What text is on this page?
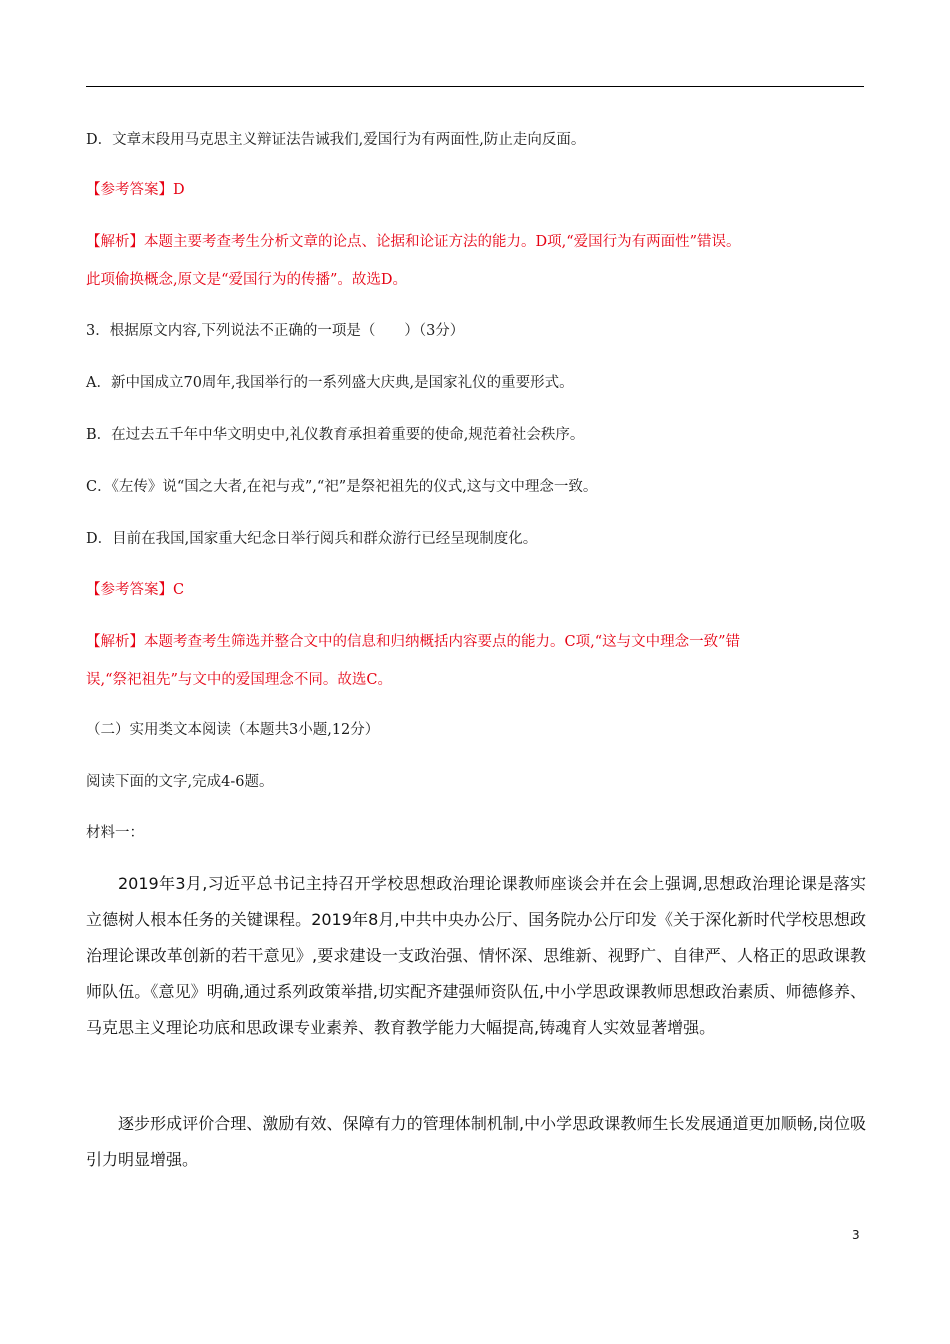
D．文章末段用马克思主义辩证法告诫我们,爱国行为有两面性,防止走向反面。
【参考答案】D
【解析】本题主要考查考生分析文章的论点、论据和论证方法的能力。D项,“爱国行为有两面性”错误。
此项偷换概念,原文是“爱国行为的传播”。故选D。
3．根据原文内容,下列说法不正确的一项是（　　）（3分）
A．新中国成立70周年,我国举行的一系列盛大庆典,是国家礼仪的重要形式。
B．在过去五千年中华文明史中,礼仪教育承担着重要的使命,规范着社会秩序。
C．《左传》说“国之大者,在祀与戎”,“祀”是祭祀祖先的仪式,这与文中理念一致。
D．目前在我国,国家重大纪念日举行阅兵和群众游行已经呈现制度化。
【参考答案】C
【解析】本题考查考生筛选并整合文中的信息和归纳概括内容要点的能力。C项,“这与文中理念一致”错
误,“祭祀祖先”与文中的爱国理念不同。故选C。
（二）实用类文本阅读（本题共3小题,12分）
阅读下面的文字,完成4-6题。
材料一：
2019年3月,习近平总书记主持召开学校思想政治理论课教师座谈会并在会上强调,思想政治理论课是落实立德树人根本任务的关键课程。2019年8月,中共中央办公厅、国务院办公厅印发《关于深化新时代学校思想政治理论课改革创新的若干意见》,要求建设一支政治强、情怀深、思维新、视野广、自律严、人格正的思政课教师队伍。《意见》明确,通过系列政策举措,切实配齐建强师资队伍,中小学思政课教师思想政治素质、师德修养、马克思主义理论功底和思政课专业素养、教育教学能力大幅提高,铸魂育人实效显著增强。
逐步形成评价合理、激励有效、保障有力的管理体制机制,中小学思政课教师生长发展通道更加顺畅,岗位吸引力明显增强。
3
